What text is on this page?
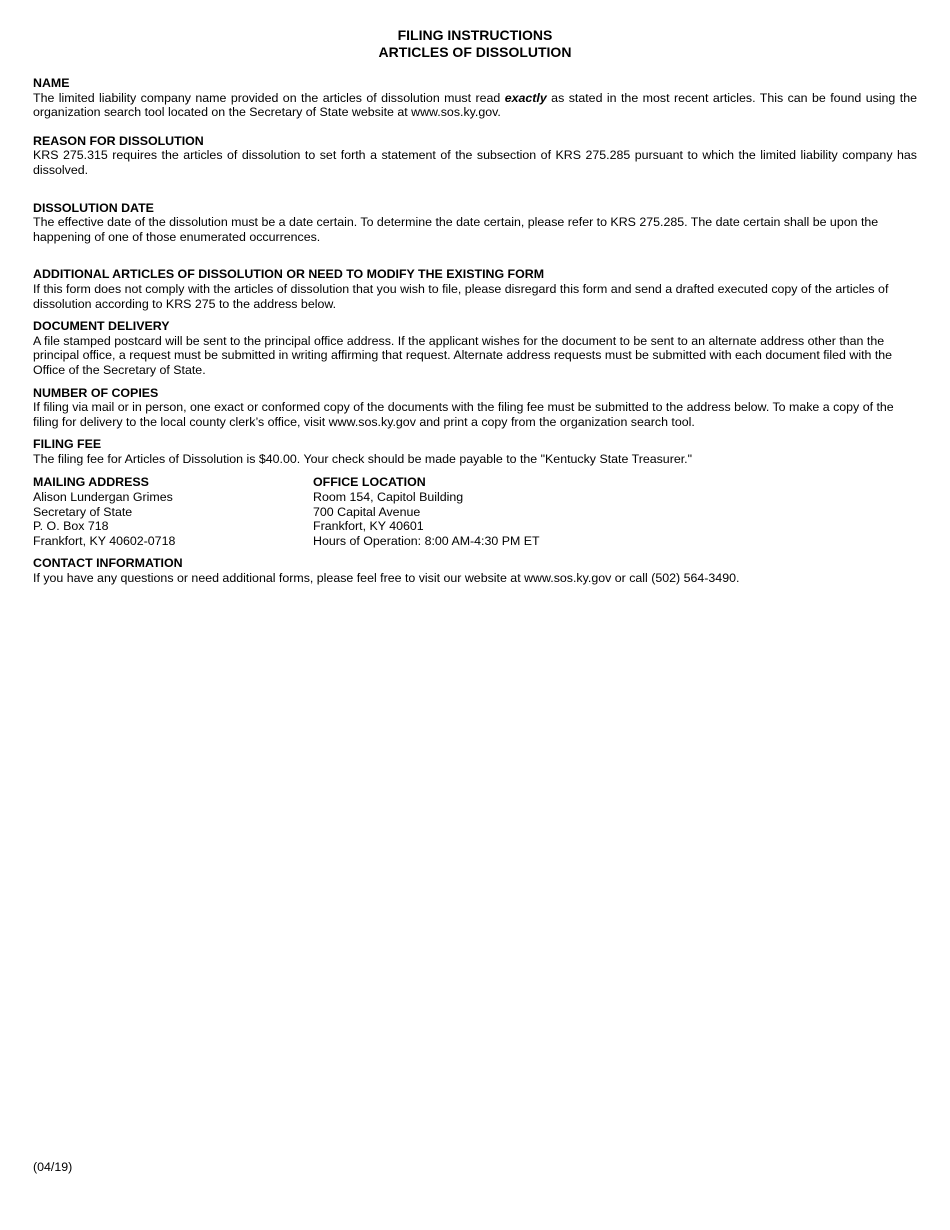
FILING INSTRUCTIONS

ARTICLES OF DISSOLUTION

NAME

The limited liability company name provided on the articles of dissolution must read exactly as stated in the most recent articles. This can be found using the organization search tool located on the Secretary of State website at www.sos.ky.gov.

REASON FOR DISSOLUTION

KRS 275.315 requires the articles of dissolution to set forth a statement of the subsection of KRS 275.285 pursuant to which the limited liability company has dissolved.

DISSOLUTION DATE

The effective date of the dissolution must be a date certain. To determine the date certain, please refer to KRS 275.285. The date certain shall be upon the happening of one of those enumerated occurrences.

ADDITIONAL ARTICLES OF DISSOLUTION OR NEED TO MODIFY THE EXISTING FORM

If this form does not comply with the articles of dissolution that you wish to file, please disregard this form and send a drafted executed copy of the articles of dissolution according to KRS 275 to the address below.

DOCUMENT DELIVERY

A file stamped postcard will be sent to the principal office address. If the applicant wishes for the document to be sent to an alternate address other than the principal office, a request must be submitted in writing affirming that request. Alternate address requests must be submitted with each document filed with the Office of the Secretary of State.

NUMBER OF COPIES

If filing via mail or in person, one exact or conformed copy of the documents with the filing fee must be submitted to the address below. To make a copy of the filing for delivery to the local county clerk’s office, visit www.sos.ky.gov and print a copy from the organization search tool.

FILING FEE

The filing fee for Articles of Dissolution is $40.00. Your check should be made payable to the "Kentucky State Treasurer."

MAILING ADDRESS
Alison Lundergan Grimes
Secretary of State
P. O. Box 718
Frankfort, KY 40602-0718
OFFICE LOCATION
Room 154, Capitol Building
700 Capital Avenue
Frankfort, KY 40601
Hours of Operation: 8:00 AM-4:30 PM ET

CONTACT INFORMATION

If you have any questions or need additional forms, please feel free to visit our website at www.sos.ky.gov or call (502) 564-3490.

(04/19)
